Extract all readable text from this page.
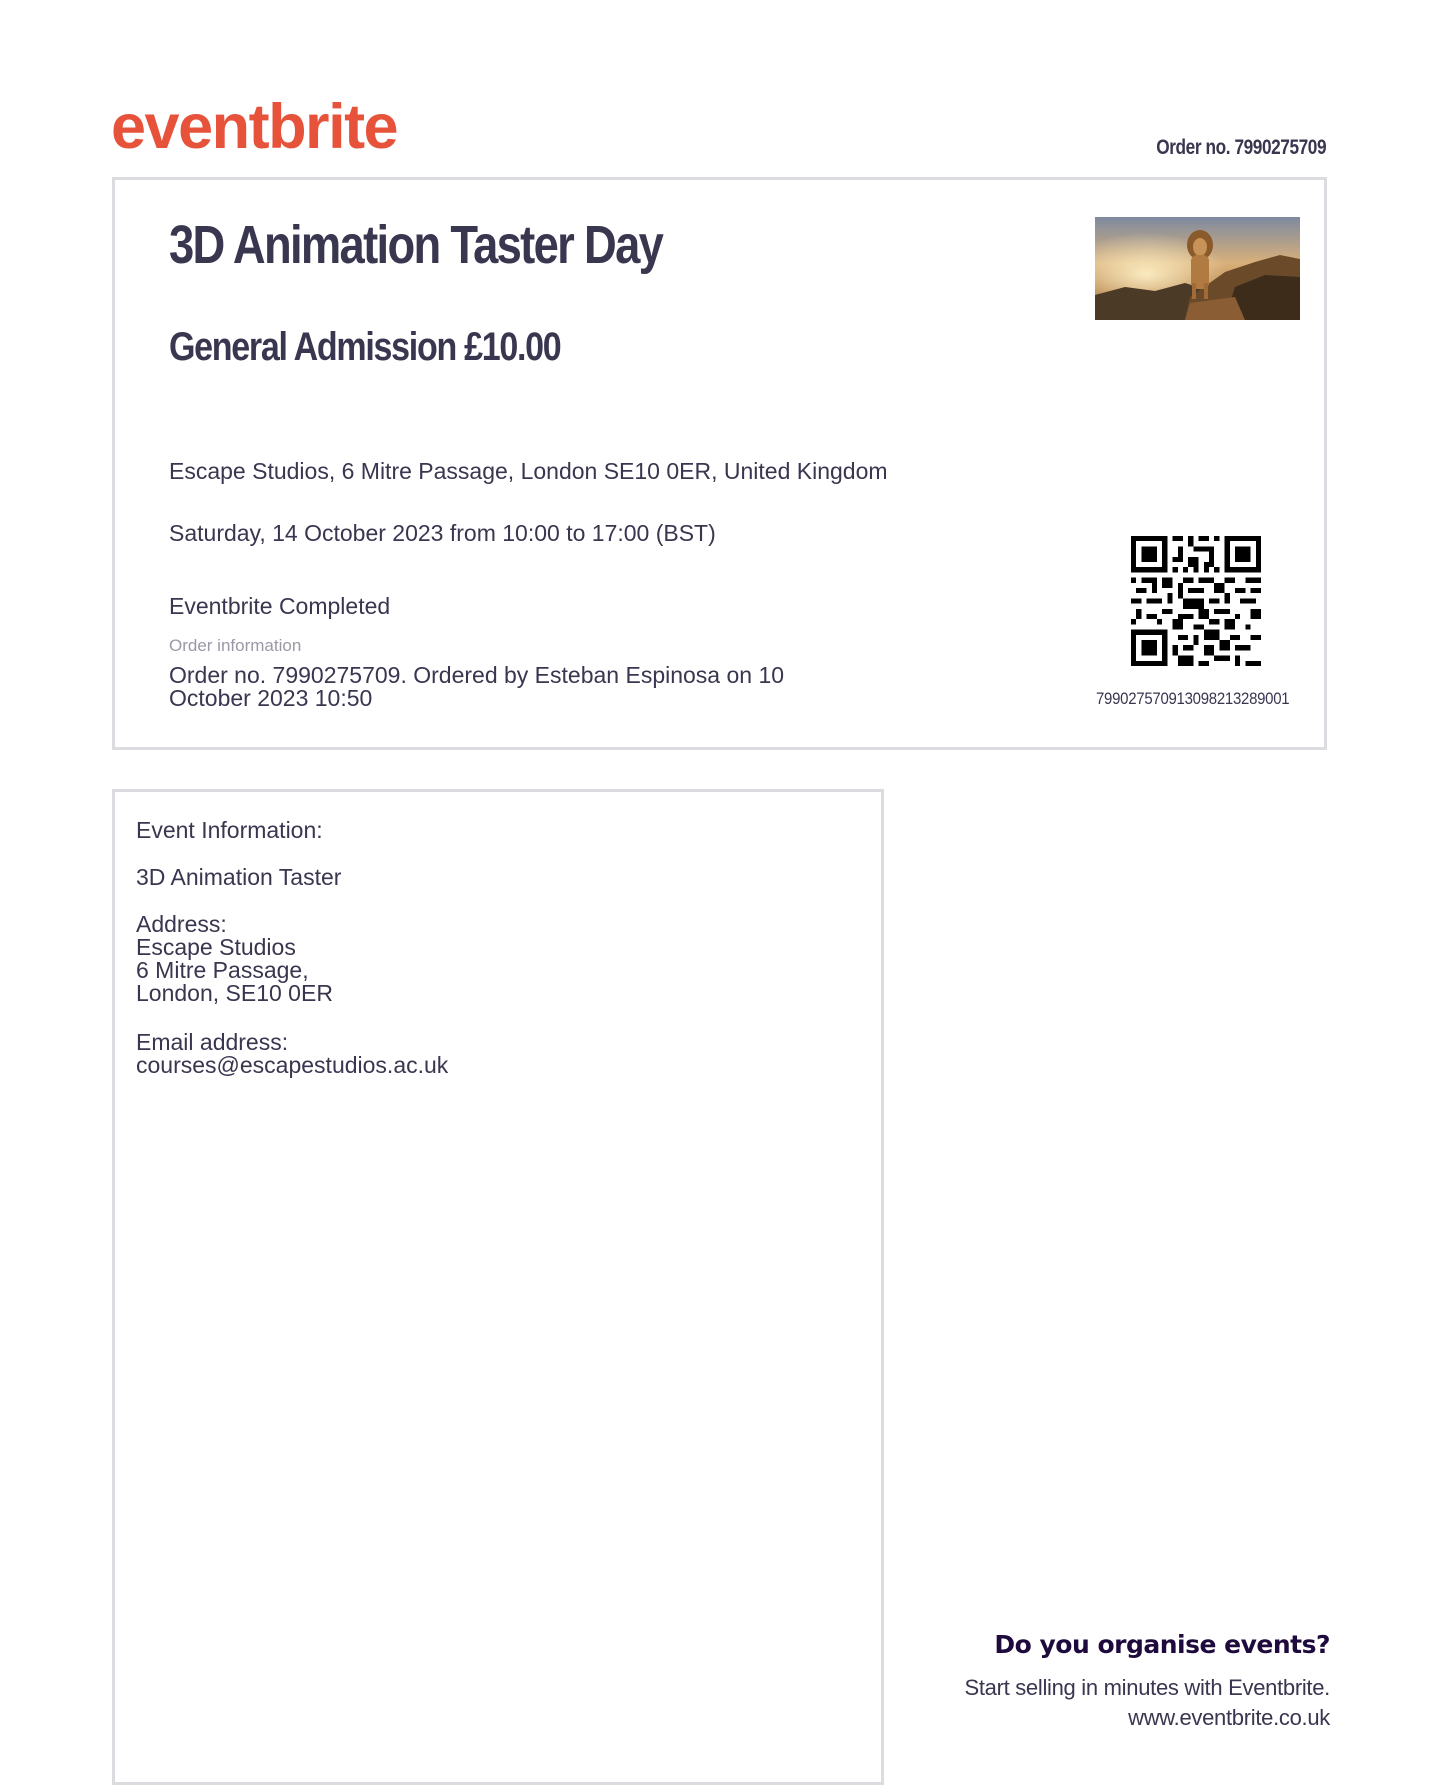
eventbrite	Order no. 7990275709
3D Animation Taster Day
General Admission £10.00
Escape Studios, 6 Mitre Passage, London SE10 0ER, United Kingdom
Saturday, 14 October 2023 from 10:00 to 17:00 (BST)
Eventbrite Completed
Order information
Order no. 7990275709. Ordered by Esteban Espinosa on 10 October 2023 10:50	7990275709130982132890​01
Event Information:
3D Animation Taster
Address:
Escape Studios
6 Mitre Passage,
London, SE10 0ER
Email address:
courses@escapestudios.ac.uk
Do you organise events?
Start selling in minutes with Eventbrite.
www.eventbrite.co.uk
